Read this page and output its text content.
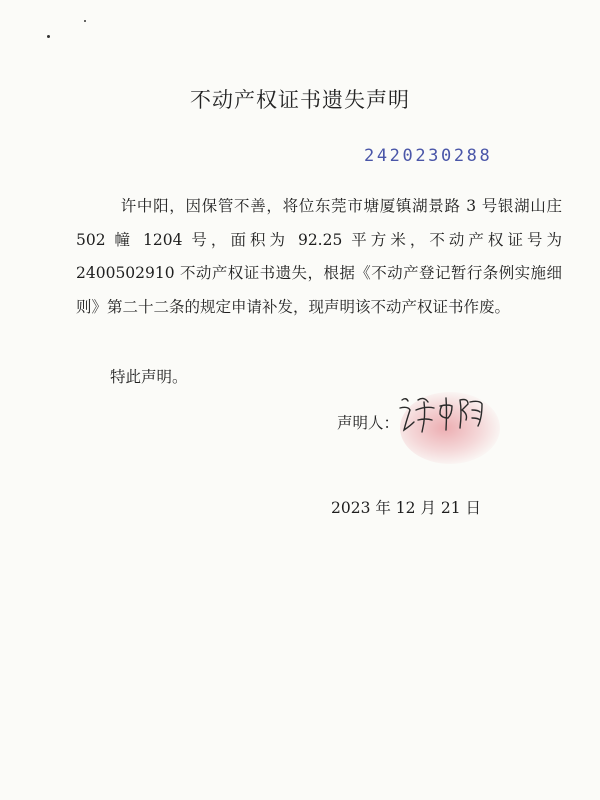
不动产权证书遗失声明
2420230288
许中阳，因保管不善，将位东莞市塘厦镇湖景路 3 号银湖山庄 502 幢 1204 号，面积为 92.25 平方米，不动产权证号为 2400502910 不动产权证书遗失，根据《不动产登记暂行条例实施细则》第二十二条的规定申请补发，现声明该不动产权证书作废。
特此声明。
声明人：
2023 年 12 月 21 日
